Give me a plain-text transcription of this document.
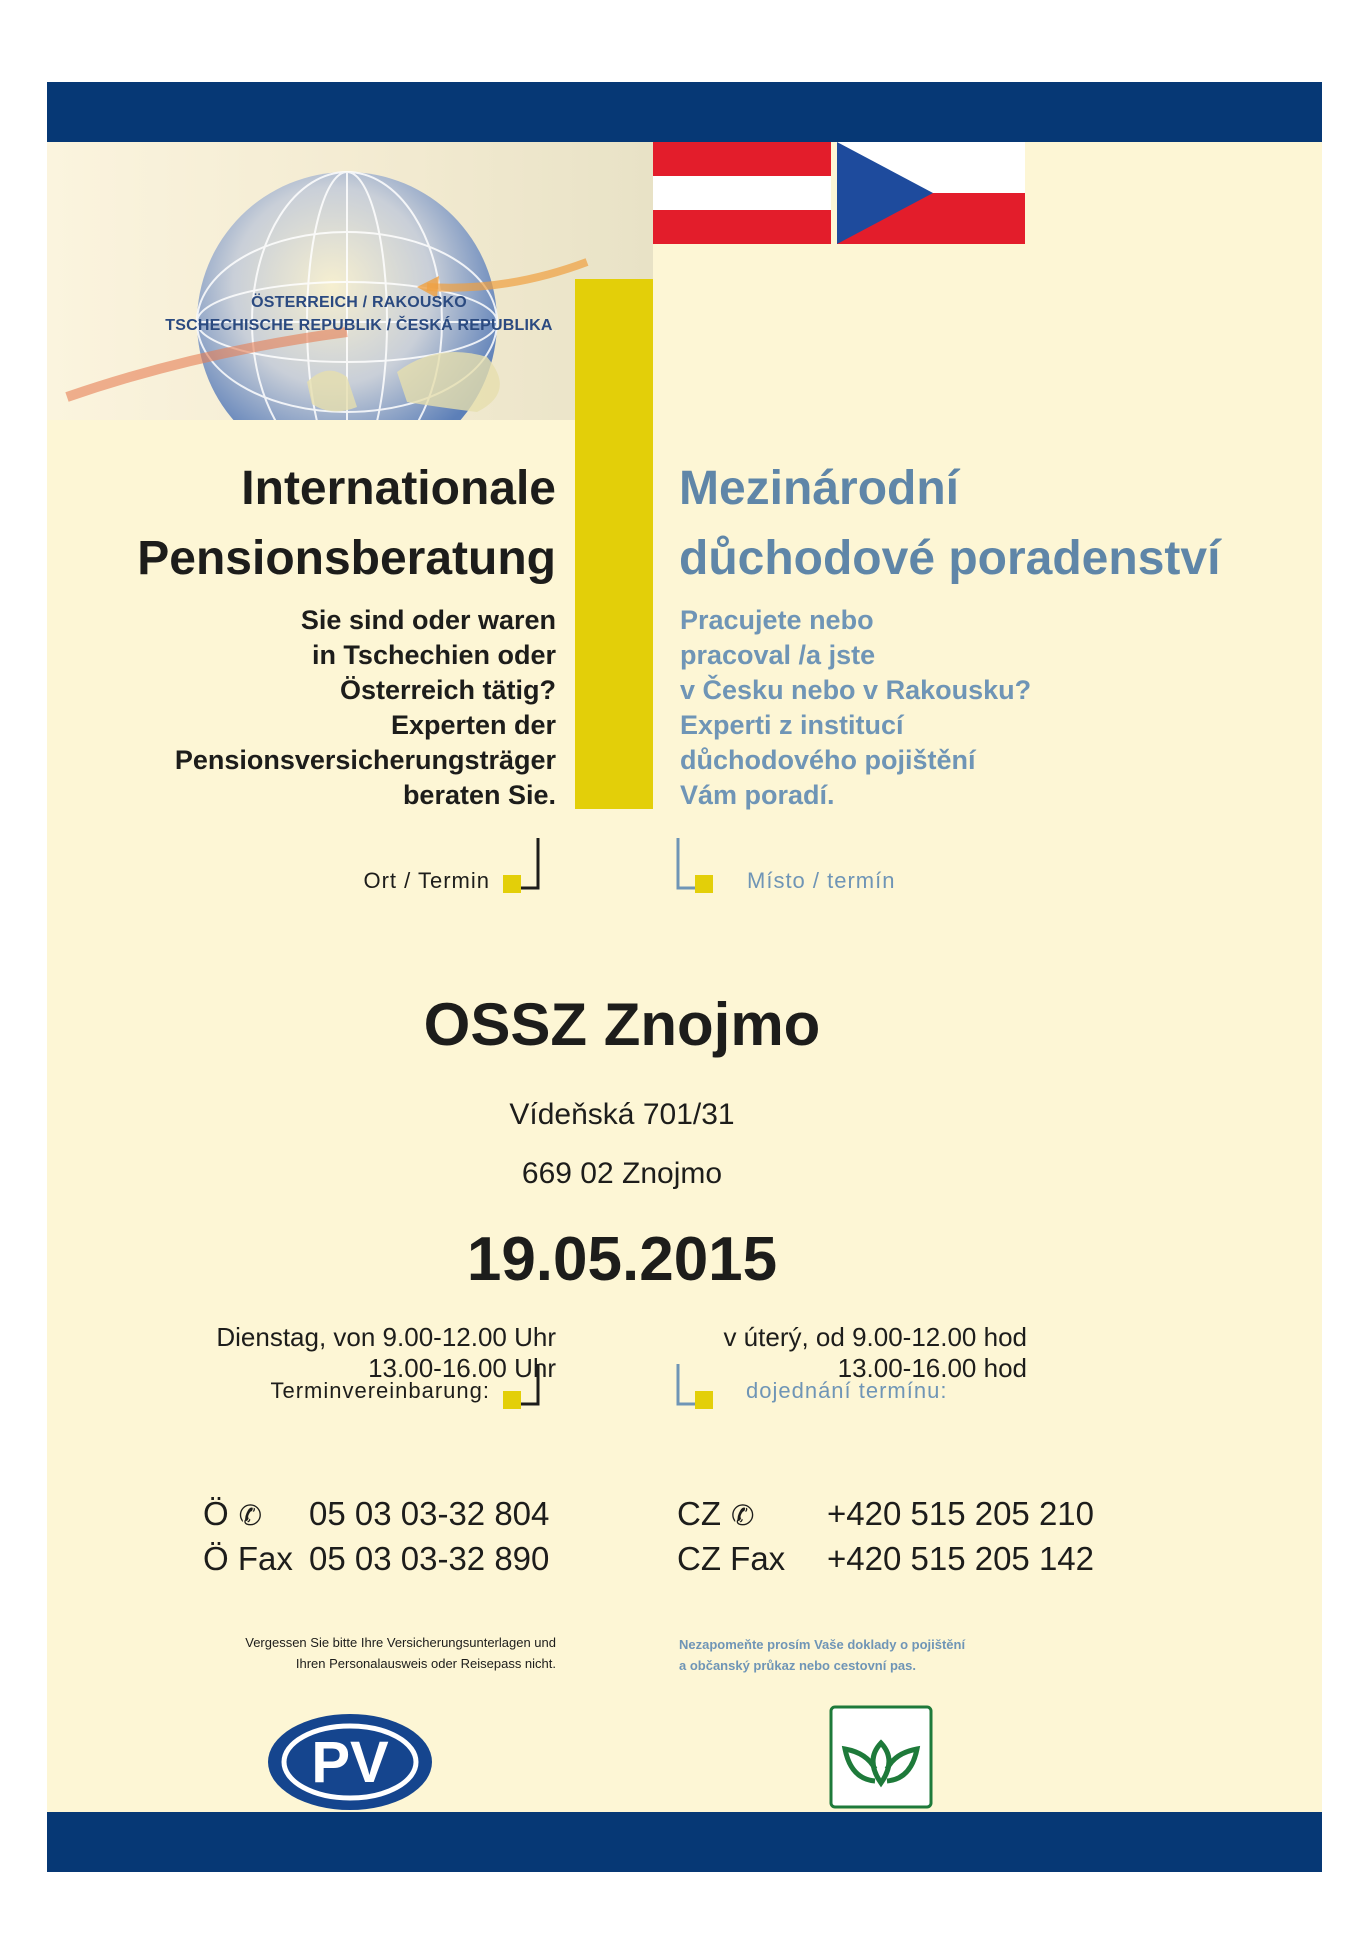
ÖSTERREICH / RAKOUSKO
TSCHECHISCHE REPUBLIK / ČESKÁ REPUBLIKA
Internationale
Pensionsberatung
Mezinárodní
důchodové poradenství
Sie sind oder waren
in Tschechien oder
Österreich tätig?
Experten der
Pensionsversicherungsträger
beraten Sie.
Pracujete nebo
pracoval /a jste
v Česku nebo v Rakousku?
Experti z institucí
důchodového pojištění
Vám poradí.
Ort / Termin	Místo / termín
OSSZ Znojmo
Vídeňská 701/31
669 02 Znojmo
19.05.2015
Dienstag, von 9.00-12.00 Uhr
13.00-16.00 Uhr
v úterý, od 9.00-12.00 hod
13.00-16.00 hod
Terminvereinbarung:	dojednání termínu:
Ö ✆ 05 03 03-32 804
Ö Fax 05 03 03-32 890
CZ ✆ +420 515 205 210
CZ Fax +420 515 205 142
Vergessen Sie bitte Ihre Versicherungsunterlagen und
Ihren Personalausweis oder Reisepass nicht.
Nezapomeňte prosím Vaše doklady o pojištění
a občanský průkaz nebo cestovní pas.
PV
